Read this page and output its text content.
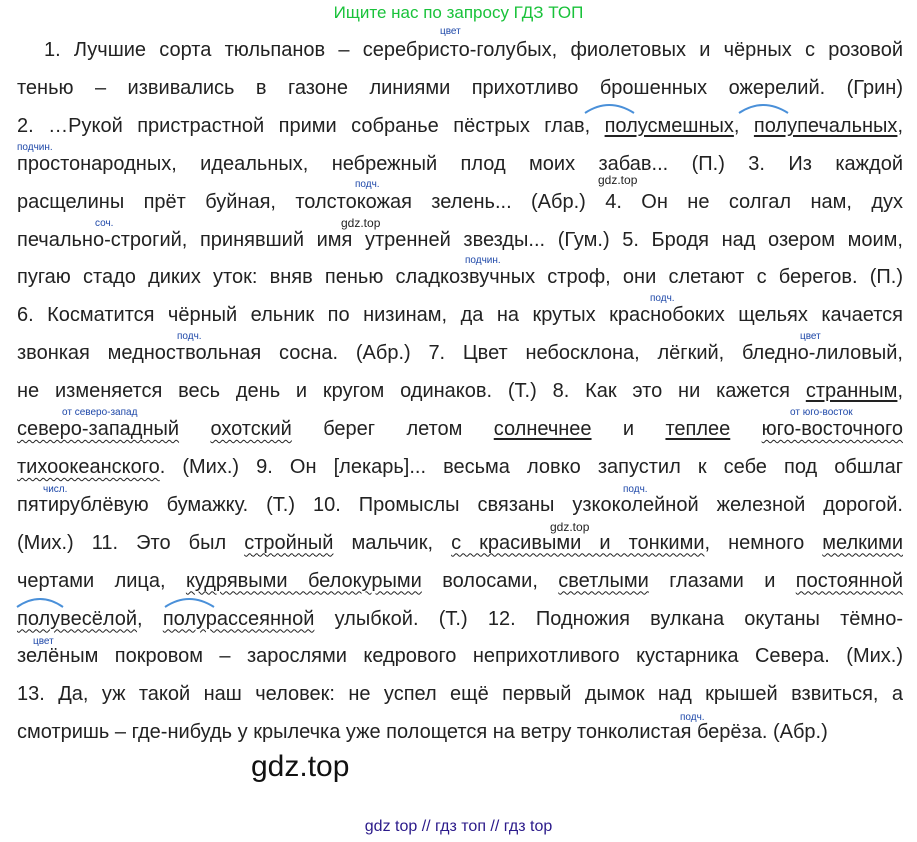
Ищите нас по запросу ГДЗ ТОП
1. Лучшие сорта тюльпанов – серебристо-голубых, фиолетовых и чёрных с розовой
тенью – извивались в газоне линиями прихотливо брошенных ожерелий. (Грин)
2. …Рукой пристрастной прими собранье пёстрых глав, полусмешных, полупечальных,
простонародных, идеальных, небрежный плод моих забав... (П.) 3. Из каждой
расщелины прёт буйная, толстокожая зелень... (Абр.) 4. Он не солгал нам, дух
печально-строгий, принявший имя утренней звезды... (Гум.) 5. Бродя над озером моим,
пугаю стадо диких уток: вняв пенью сладкозвучных строф, они слетают с берегов. (П.)
6. Косматится чёрный ельник по низинам, да на крутых краснобоких щельях качается
звонкая медноствольная сосна. (Абр.) 7. Цвет небосклона, лёгкий, бледно-лиловый,
не изменяется весь день и кругом одинаков. (Т.) 8. Как это ни кажется странным,
северо-западный охотский берег летом солнечнее и теплее юго-восточного
тихоокеанского. (Мих.) 9. Он [лекарь]... весьма ловко запустил к себе под обшлаг
пятирублёвую бумажку. (Т.) 10. Промыслы связаны узкоколейной железной дорогой.
(Мих.) 11. Это был стройный мальчик, с красивыми и тонкими, немного мелкими
чертами лица, кудрявыми белокурыми волосами, светлыми глазами и постоянной
полувесёлой, полурассеянной улыбкой. (Т.) 12. Подножия вулкана окутаны тёмно-
зелёным покровом – зарослями кедрового неприхотливого кустарника Севера. (Мих.)
13. Да, уж такой наш человек: не успел ещё первый дымок над крышей взвиться, а
смотришь – где-нибудь у крылечка уже полощется на ветру тонколистая берёза. (Абр.)
цвет
подчин.
подч.
соч.
подчин.
подч.
подч.	цвет
от северо-запад	от юго-восток
числ.	подч.
цвет
подч.
gdz.top
gdz.top
gdz.top
gdz.top
gdz top // гдз топ // гдз top
